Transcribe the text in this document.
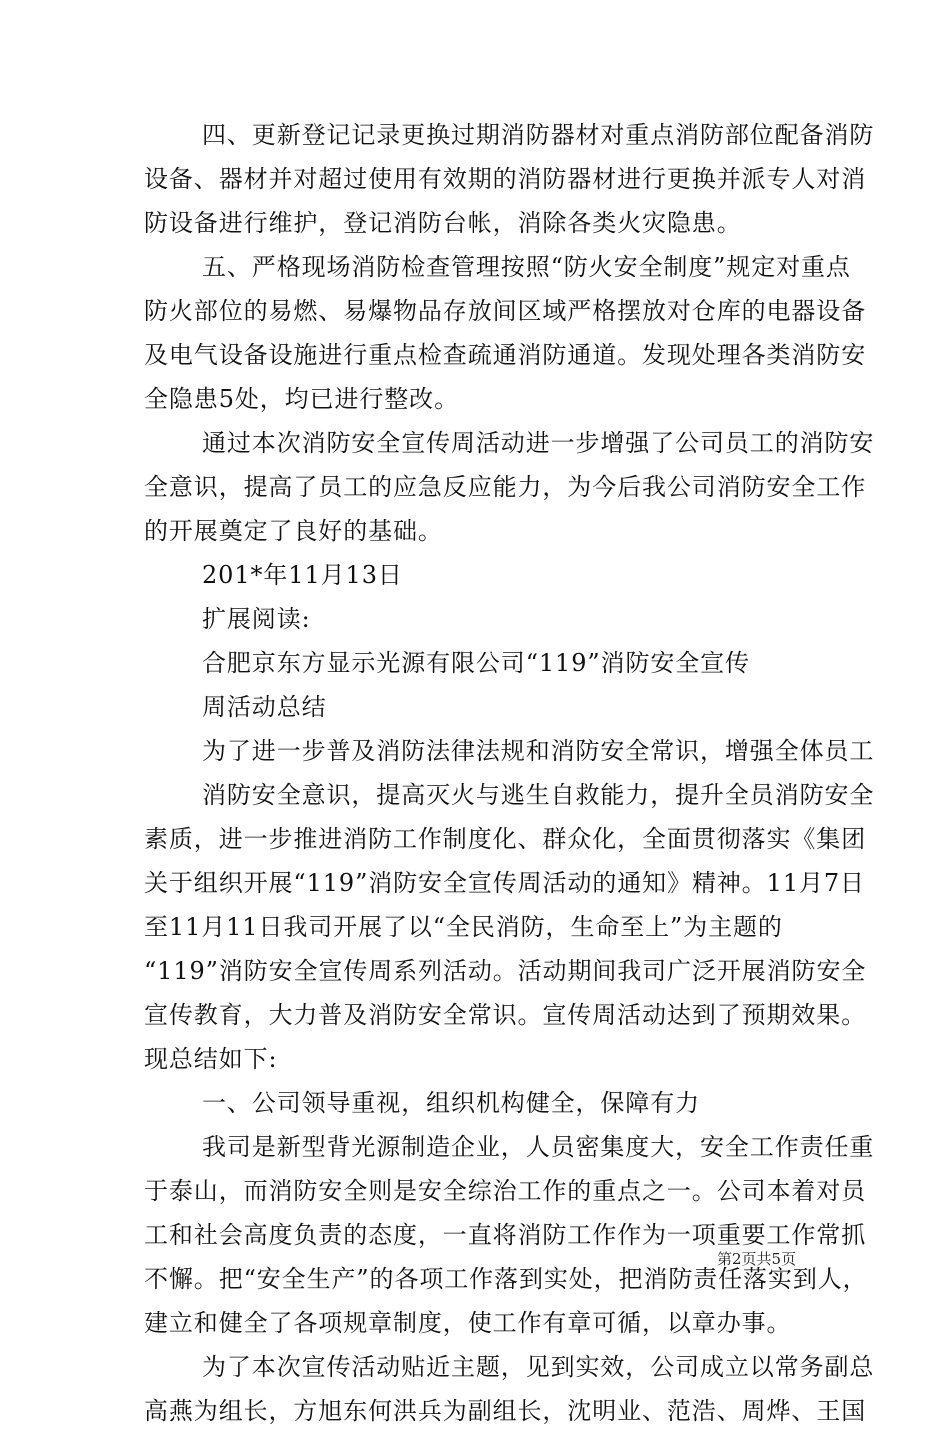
四、更新登记记录更换过期消防器材对重点消防部位配备消防
设备、器材并对超过使用有效期的消防器材进行更换并派专人对消
防设备进行维护，登记消防台帐，消除各类火灾隐患。
五、严格现场消防检查管理按照“防火安全制度”规定对重点
防火部位的易燃、易爆物品存放间区域严格摆放对仓库的电器设备
及电气设备设施进行重点检查疏通消防通道。发现处理各类消防安
全隐患5处，均已进行整改。
通过本次消防安全宣传周活动进一步增强了公司员工的消防安
全意识，提高了员工的应急反应能力，为今后我公司消防安全工作
的开展奠定了良好的基础。
201*年11月13日
扩展阅读:
合肥京东方显示光源有限公司“119”消防安全宣传
周活动总结
为了进一步普及消防法律法规和消防安全常识，增强全体员工
消防安全意识，提高灭火与逃生自救能力，提升全员消防安全
素质，进一步推进消防工作制度化、群众化，全面贯彻落实《集团
关于组织开展“119”消防安全宣传周活动的通知》精神。11月7日
至11月11日我司开展了以“全民消防，生命至上”为主题的
“119”消防安全宣传周系列活动。活动期间我司广泛开展消防安全
宣传教育，大力普及消防安全常识。宣传周活动达到了预期效果。
现总结如下:
一、公司领导重视，组织机构健全，保障有力
我司是新型背光源制造企业，人员密集度大，安全工作责任重
于泰山，而消防安全则是安全综治工作的重点之一。公司本着对员
工和社会高度负责的态度，一直将消防工作作为一项重要工作常抓
不懈。把“安全生产”的各项工作落到实处，把消防责任落实到人，
建立和健全了各项规章制度，使工作有章可循，以章办事。
为了本次宣传活动贴近主题，见到实效，公司成立以常务副总
高燕为组长，方旭东何洪兵为副组长，沈明业、范浩、周烨、王国
第2页共5页
